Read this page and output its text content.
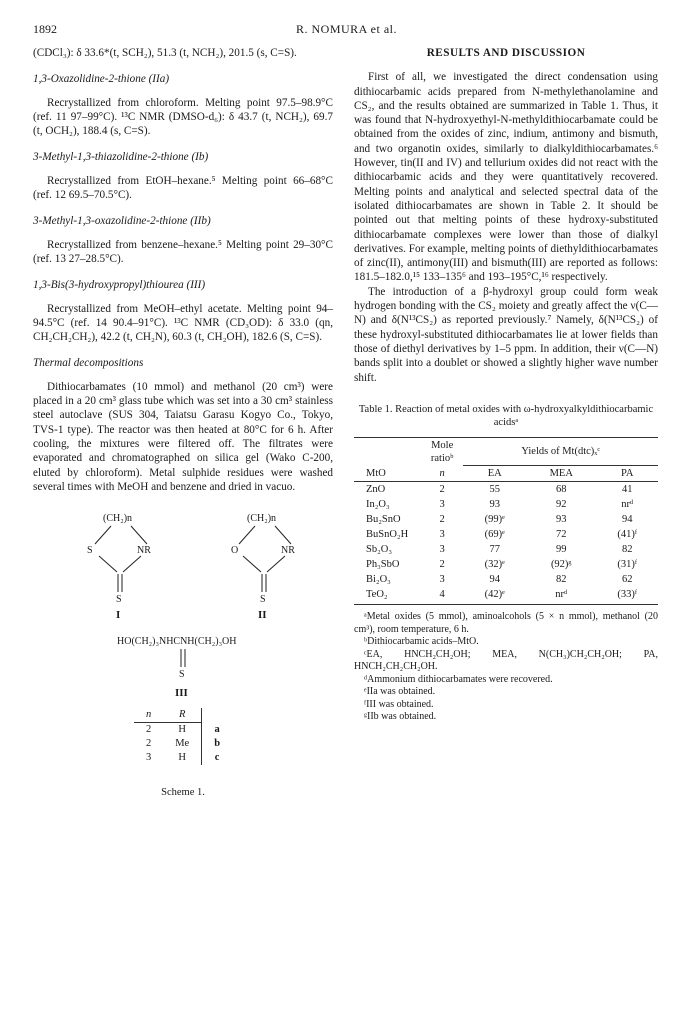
1892	R. NOMURA et al.

(CDCl₃): δ 33.6*(t, SCH₂), 51.3 (t, NCH₂), 201.5 (s, C=S).

1,3-Oxazolidine-2-thione (IIa)

Recrystallized from chloroform. Melting point 97.5–98.9°C (ref. 11 97–99°C). ¹³C NMR (DMSO-d₆): δ 43.7 (t, NCH₂), 69.7 (t, OCH₂), 188.4 (s, C=S).

3-Methyl-1,3-thiazolidine-2-thione (Ib)

Recrystallized from EtOH–hexane.⁵ Melting point 66–68°C (ref. 12 69.5–70.5°C).

3-Methyl-1,3-oxazolidine-2-thione (IIb)

Recrystallized from benzene–hexane.⁵ Melting point 29–30°C (ref. 13 27–28.5°C).

1,3-Bis(3-hydroxypropyl)thiourea (III)

Recrystallized from MeOH–ethyl acetate. Melting point 94–94.5°C (ref. 14 90.4–91°C). ¹³C NMR (CD₃OD): δ 33.0 (qn, CH₂CH₂CH₂), 42.2 (t, CH₂N), 60.3 (t, CH₂OH), 182.6 (S, C=S).

Thermal decompositions

Dithiocarbamates (10 mmol) and methanol (20 cm³) were placed in a 20 cm³ glass tube which was set into a 30 cm³ stainless steel autoclave (SUS 304, Taiatsu Garasu Kogyo Co., Tokyo, TVS-1 type). The reactor was then heated at 80°C for 6 h. After cooling, the mixtures were filtered off. The filtrates were evaporated and chromatographed on silica gel (Wako C-200, eluted by chloroform). Metal sulphide residues were washed several times with MeOH and benzene and dried in vacuo.

(CH₂)n
S	NR
S
I
(CH₂)n
O	NR
S
II
HO(CH₂)₃NHCNH(CH₂)₃OH
S
III
n	R	
2	H	a
2	Me	b
3	H	c
Scheme 1.

RESULTS AND DISCUSSION

First of all, we investigated the direct condensation using dithiocarbamic acids prepared from N-methylethanolamine and CS₂, and the results obtained are summarized in Table 1. Thus, it was found that N-hydroxyethyl-N-methyldithiocarbamate could be obtained from the oxides of zinc, indium, antimony and bismuth, and two organotin oxides, similarly to dialkyldithiocarbamates.⁶ However, tin(II and IV) and tellurium oxides did not react with the dithiocarbamic acids and they were quantitatively recovered. Melting points and analytical and selected spectral data of the isolated dithiocarbamates are shown in Table 2. It should be pointed out that melting points of these hydroxy-substituted dithiocarbamate complexes were lower than those of dialkyl derivatives. For example, melting points of diethyldithiocarbamates of zinc(II), antimony(III) and bismuth(III) are reported as follows: 181.5–182.0,¹⁵ 133–135⁶ and 193–195°C,¹⁶ respectively.

The introduction of a β-hydroxyl group could form weak hydrogen bonding with the CS₂ moiety and greatly affect the ν(C—N) and δ(N¹³CS₂) as reported previously.⁷ Namely, δ(N¹³CS₂) of these hydroxyl-substituted dithiocarbamates lie at lower fields than those of diethyl derivatives by 1–5 ppm. In addition, their ν(C—N) bands split into a doublet or showed a slightly higher wave number shift.

Table 1. Reaction of metal oxides with ω-hydroxyalkyldithiocarbamic acidsᵃ
	Mole ratioᵇ	Yields of Mt(dtc)ₓᶜ		
MtO	n	EA	MEA	PA
ZnO	2	55	68	41
In₂O₃	3	93	92	nrᵈ
Bu₂SnO	2	(99)ᵉ	93	94
BuSnO₂H	3	(69)ᵉ	72	(41)ᶠ
Sb₂O₃	3	77	99	82
Ph₃SbO	2	(32)ᵉ	(92)ᵍ	(31)ᶠ
Bi₂O₃	3	94	82	62
TeO₂	4	(42)ᵉ	nrᵈ	(33)ᶠ

ᵃMetal oxides (5 mmol), aminoalcohols (5 × n mmol), methanol (20 cm³), room temperature, 6 h.

ᵇDithiocarbamic acids–MtO.

ᶜEA, HNCH₂CH₂OH; MEA, N(CH₃)CH₂CH₂OH; PA, HNCH₂CH₂CH₂OH.

ᵈAmmonium dithiocarbamates were recovered.

ᵉIIa was obtained.

ᶠIII was obtained.

ᵍIIb was obtained.
